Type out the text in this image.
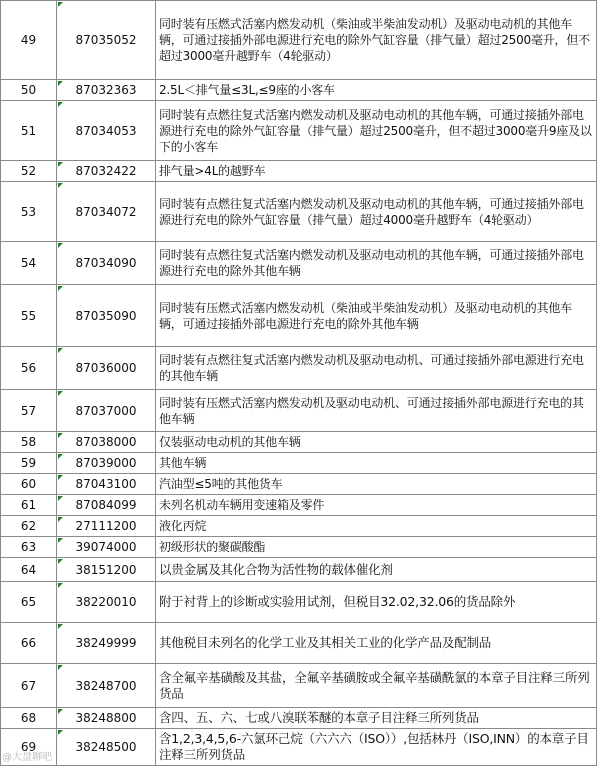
49	87035052	同时装有压燃式活塞内燃发动机（柴油或半柴油发动机）及驱动电动机的其他车辆，可通过接插外部电源进行充电的除外气缸容量（排气量）超过2500毫升，但不超过3000毫升越野车（4轮驱动）
50	87032363	2.5L＜排气量≤3L,≤9座的小客车
51	87034053	同时装有点燃往复式活塞内燃发动机及驱动电动机的其他车辆，可通过接插外部电源进行充电的除外气缸容量（排气量）超过2500毫升，但不超过3000毫升9座及以下的小客车
52	87032422	排气量>4L的越野车
53	87034072	同时装有点燃往复式活塞内燃发动机及驱动电动机的其他车辆，可通过接插外部电源进行充电的除外气缸容量（排气量）超过4000毫升越野车（4轮驱动）
54	87034090	同时装有点燃往复式活塞内燃发动机及驱动电动机的其他车辆，可通过接插外部电源进行充电的除外其他车辆
55	87035090	同时装有压燃式活塞内燃发动机（柴油或半柴油发动机）及驱动电动机的其他车辆，可通过接插外部电源进行充电的除外其他车辆
56	87036000	同时装有点燃往复式活塞内燃发动机及驱动电动机、可通过接插外部电源进行充电的其他车辆
57	87037000	同时装有压燃式活塞内燃发动机及驱动电动机、可通过接插外部电源进行充电的其他车辆
58	87038000	仅装驱动电动机的其他车辆
59	87039000	其他车辆
60	87043100	汽油型≤5吨的其他货车
61	87084099	未列名机动车辆用变速箱及零件
62	27111200	液化丙烷
63	39074000	初级形状的聚碳酸酯
64	38151200	以贵金属及其化合物为活性物的载体催化剂
65	38220010	附于衬背上的诊断或实验用试剂，但税目32.02,32.06的货品除外
66	38249999	其他税目未列名的化学工业及其相关工业的化学产品及配制品
67	38248700	含全氟辛基磺酸及其盐，全氟辛基磺胺或全氟辛基磺酰氯的本章子目注释三所列货品
68	38248800	含四、五、六、七或八溴联苯醚的本章子目注释三所列货品
69	38248500	含1,2,3,4,5,6-六氯环己烷（六六六（ISO））,包括林丹（ISO,INN）的本章子目注释三所列货品
@大盘聊吧
